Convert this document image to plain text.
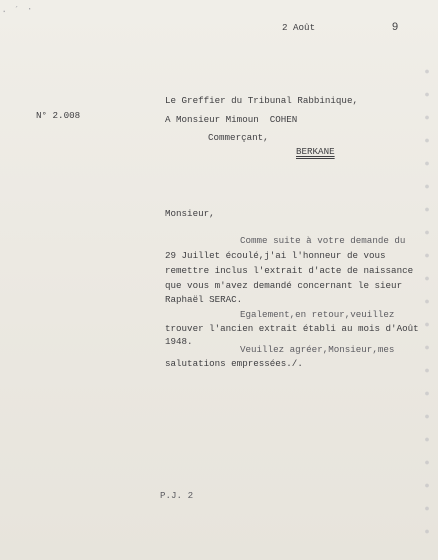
· ´ ·
2 Août	9
N° 2.008
Le Greffier du Tribunal Rabbinique,
A Monsieur Mimoun  COHEN
Commerçant,
BERKANE
Monsieur,
Comme suite à votre demande du
29 Juillet écoulé,j'ai l'honneur de vous
remettre inclus l'extrait d'acte de naissance
que vous m'avez demandé concernant le sieur
Raphaël SERAC.
Egalement,en retour,veuillez
trouver l'ancien extrait établi au mois d'Août
1948.
Veuillez agréer,Monsieur,mes
salutations empressées./.
P.J. 2
